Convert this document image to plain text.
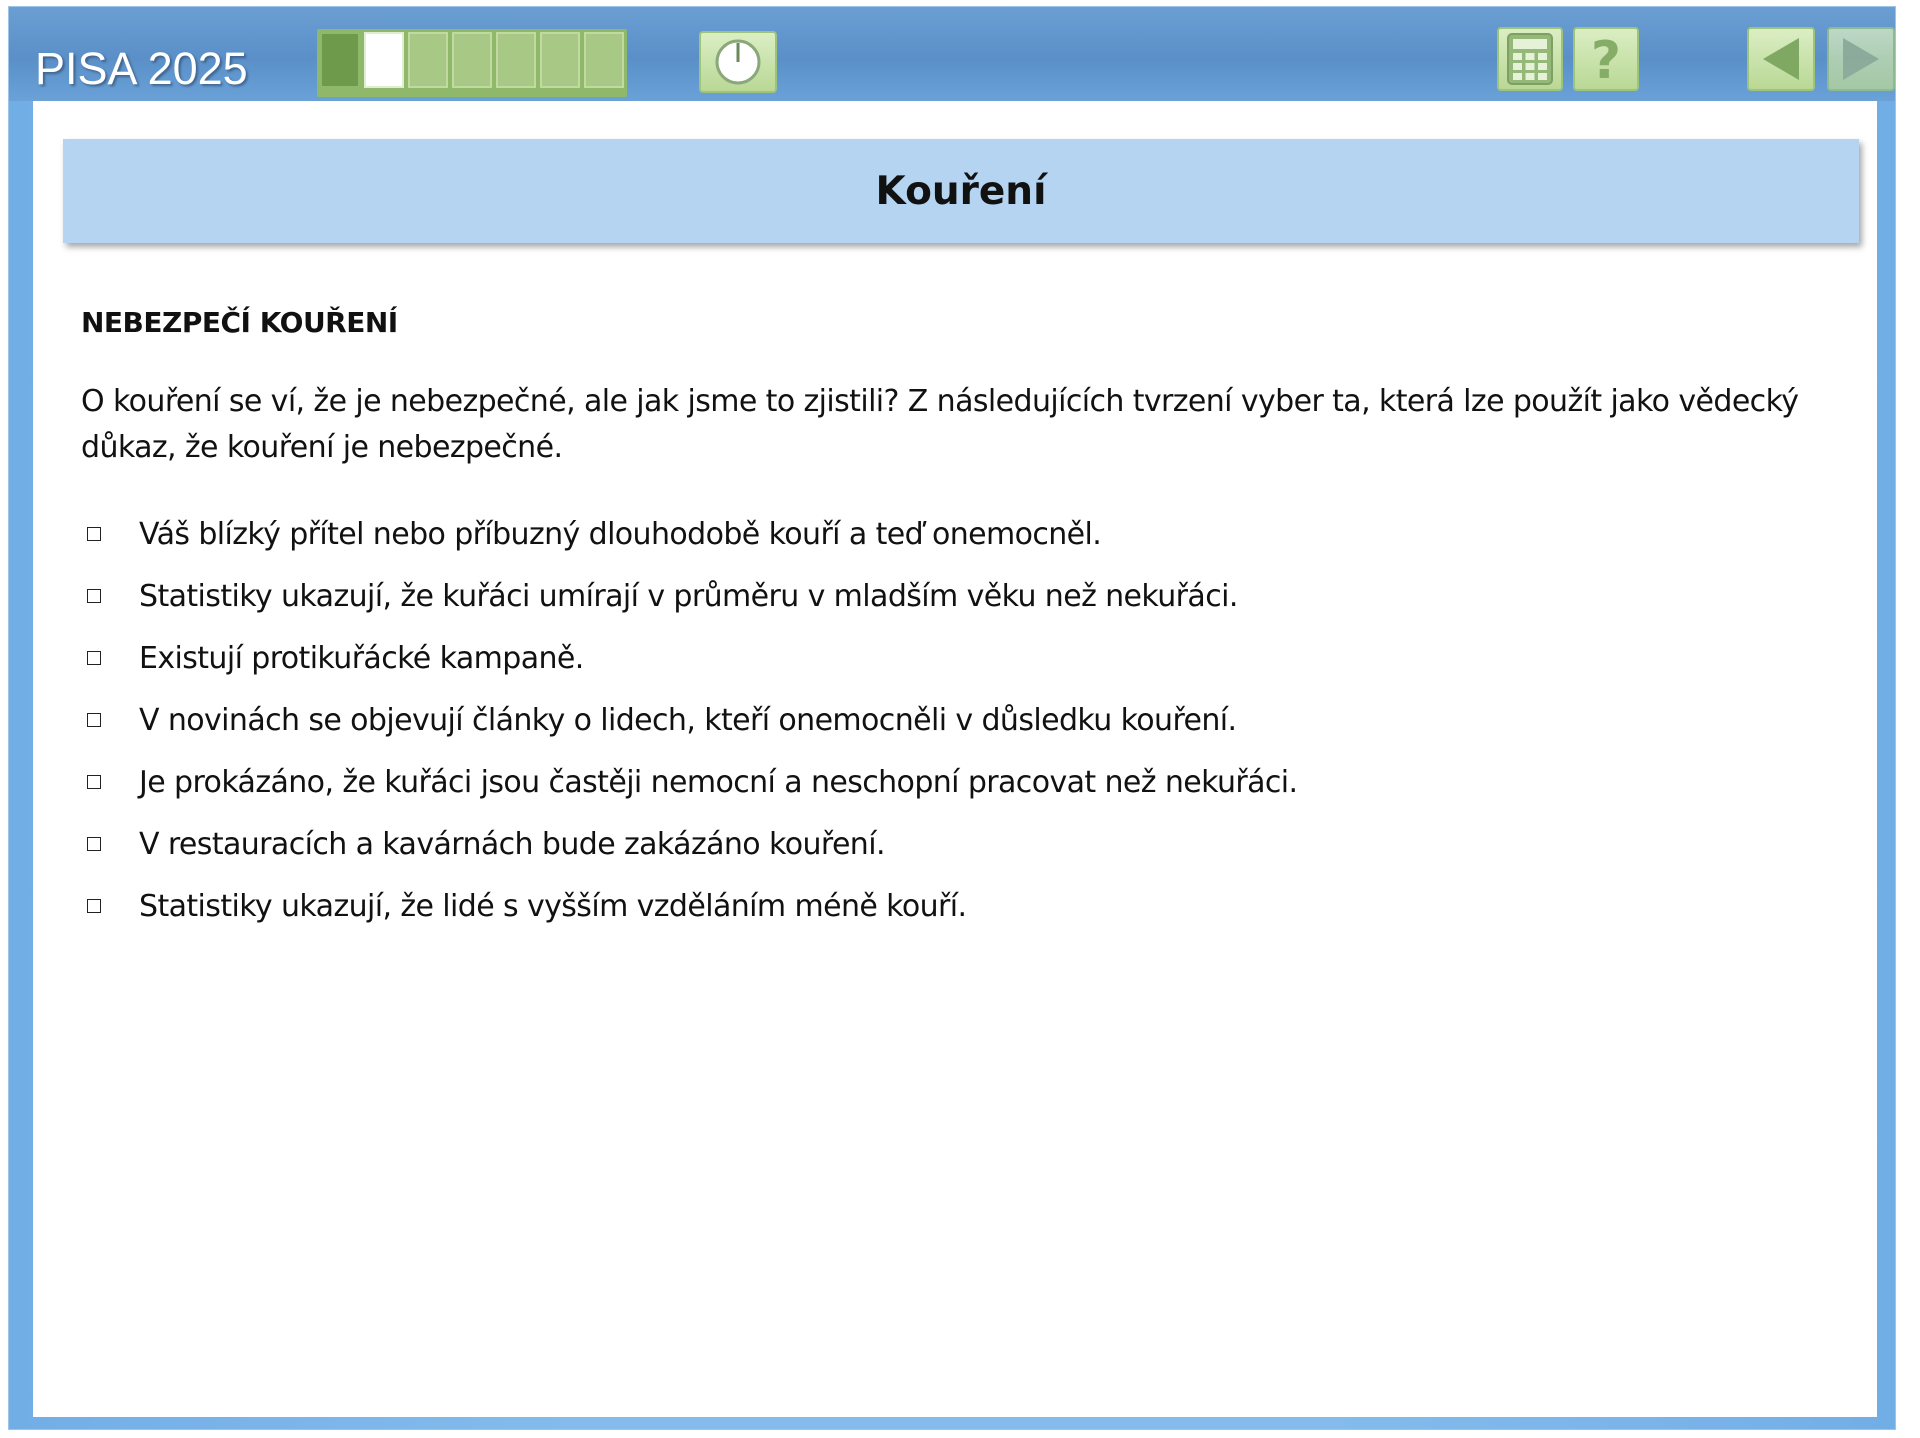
PISA 2025	?
Kouření
NEBEZPEČÍ KOUŘENÍ
O kouření se ví, že je nebezpečné, ale jak jsme to zjistili? Z následujících tvrzení vyber ta, která lze použít jako vědecký důkaz, že kouření je nebezpečné.
Váš blízký přítel nebo příbuzný dlouhodobě kouří a teď onemocněl.
Statistiky ukazují, že kuřáci umírají v průměru v mladším věku než nekuřáci.
Existují protikuřácké kampaně.
V novinách se objevují články o lidech, kteří onemocněli v důsledku kouření.
Je prokázáno, že kuřáci jsou častěji nemocní a neschopní pracovat než nekuřáci.
V restauracích a kavárnách bude zakázáno kouření.
Statistiky ukazují, že lidé s vyšším vzděláním méně kouří.
